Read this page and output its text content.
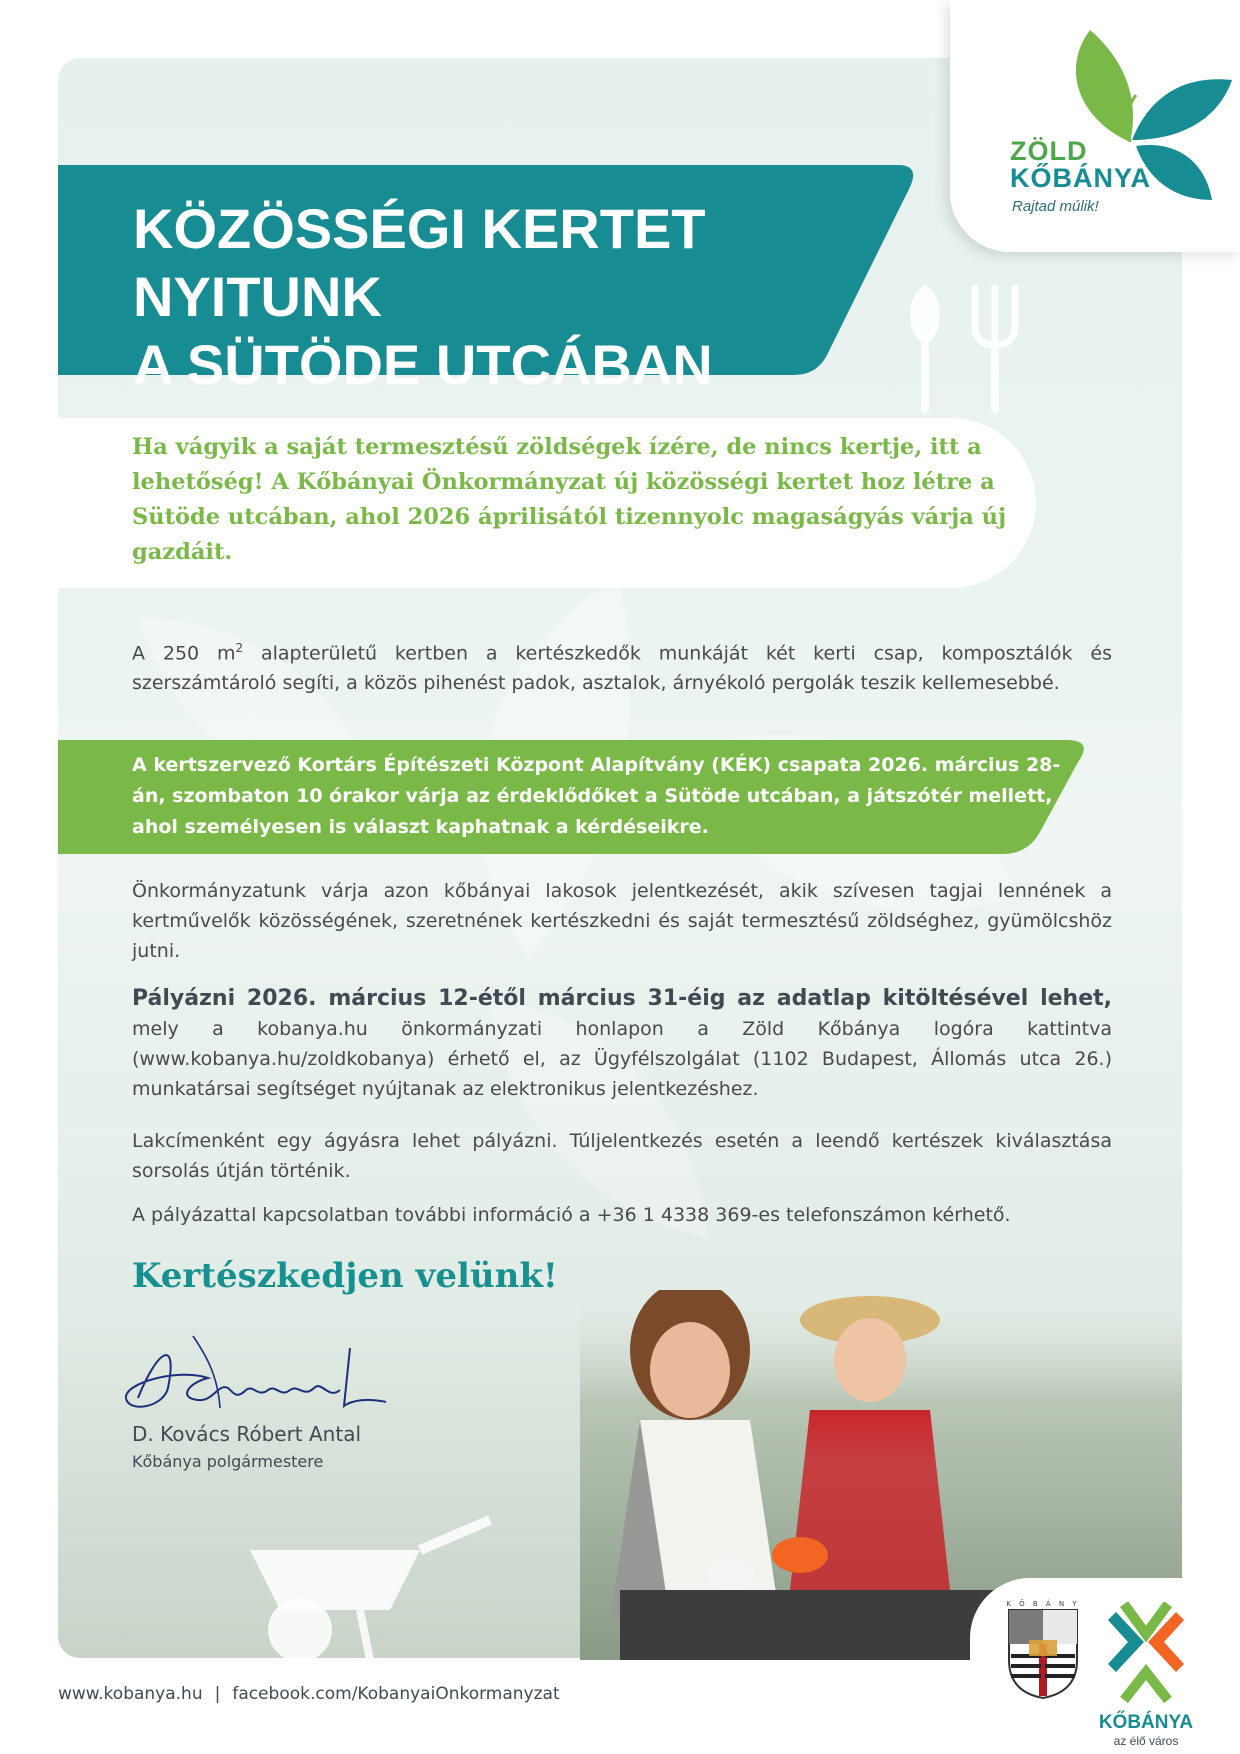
ZÖLD
KŐBÁNYA
Rajtad múlik!
KÖZÖSSÉGI KERTET NYITUNK
A SÜTÖDE UTCÁBAN

Ha vágyik a saját termesztésű zöldségek ízére, de nincs kertje, itt a lehetőség! A Kőbányai Önkormányzat új közösségi kertet hoz létre a Sütöde utcában, ahol 2026 áprilisától tizennyolc magaságyás várja új gazdáit.

A 250 $m^2$ alapterületű kertben a kertészkedők munkáját két kerti csap, komposztálók és szerszámtároló segíti, a közös pihenést padok, asztalok, árnyékoló pergolák teszik kellemesebbé.

A kertszervező Kortárs Építészeti Központ Alapítvány (KÉK) csapata 2026. március 28-án, szombaton 10 órakor várja az érdeklődőket a Sütöde utcában, a játszótér mellett, ahol személyesen is választ kaphatnak a kérdéseikre.

Önkormányzatunk várja azon kőbányai lakosok jelentkezését, akik szívesen tagjai lennének a kertművelők közösségének, szeretnének kertészkedni és saját termesztésű zöldséghez, gyümölcshöz jutni.

Pályázni 2026. március 12-étől március 31-éig az adatlap kitöltésével lehet, mely a kobanya.hu önkormányzati honlapon a Zöld Kőbánya logóra kattintva (www.kobanya.hu/zoldkobanya) érhető el, az Ügyfélszolgálat (1102 Budapest, Állomás utca 26.) munkatársai segítséget nyújtanak az elektronikus jelentkezéshez.

Lakcímenként egy ágyásra lehet pályázni. Túljelentkezés esetén a leendő kertészek kiválasztása sorsolás útján történik.

A pályázattal kapcsolatban további információ a +36 1 4338 369-es telefonszámon kérhető.

Kertészkedjen velünk!
D. Kovács Róbert Antal
Kőbánya polgármestere
K Ő B Á N Y
KŐBÁNYA
az élő város
www.kobanya.hu | facebook.com/KobanyaiOnkormanyzat
